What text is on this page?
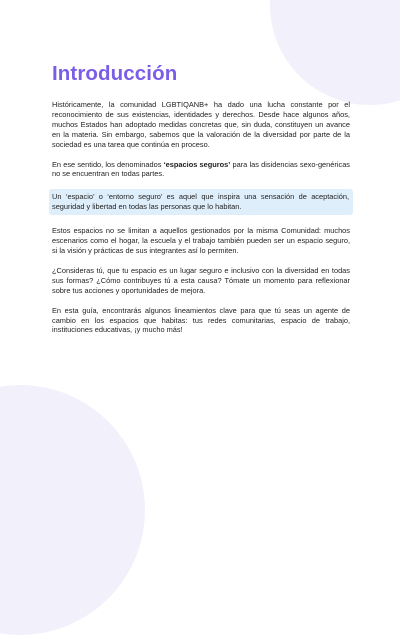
Introducción

Históricamente, la comunidad LGBTIQANB+ ha dado una lucha constante por el reconocimiento de sus existencias, identidades y derechos. Desde hace algunos años, muchos Estados han adoptado medidas concretas que, sin duda, constituyen un avance en la materia. Sin embargo, sabemos que la valoración de la diversidad por parte de la sociedad es una tarea que continúa en proceso.

En ese sentido, los denominados ‘espacios seguros’ para las disidencias sexo-genéricas no se encuentran en todas partes.

Un ‘espacio’ o ‘entorno seguro’ es aquel que inspira una sensación de aceptación, seguridad y libertad en todas las personas que lo habitan.

Estos espacios no se limitan a aquellos gestionados por la misma Comunidad: muchos escenarios como el hogar, la escuela y el trabajo también pueden ser un espacio seguro, si la visión y prácticas de sus integrantes así lo permiten.

¿Consideras tú, que tu espacio es un lugar seguro e inclusivo con la diversidad en todas sus formas? ¿Cómo contribuyes tú a esta causa? Tómate un momento para reflexionar sobre tus acciones y oportunidades de mejora.

En esta guía, encontrarás algunos lineamientos clave para que tú seas un agente de cambio en los espacios que habitas: tus redes comunitarias, espacio de trabajo, instituciones educativas, ¡y mucho más!
